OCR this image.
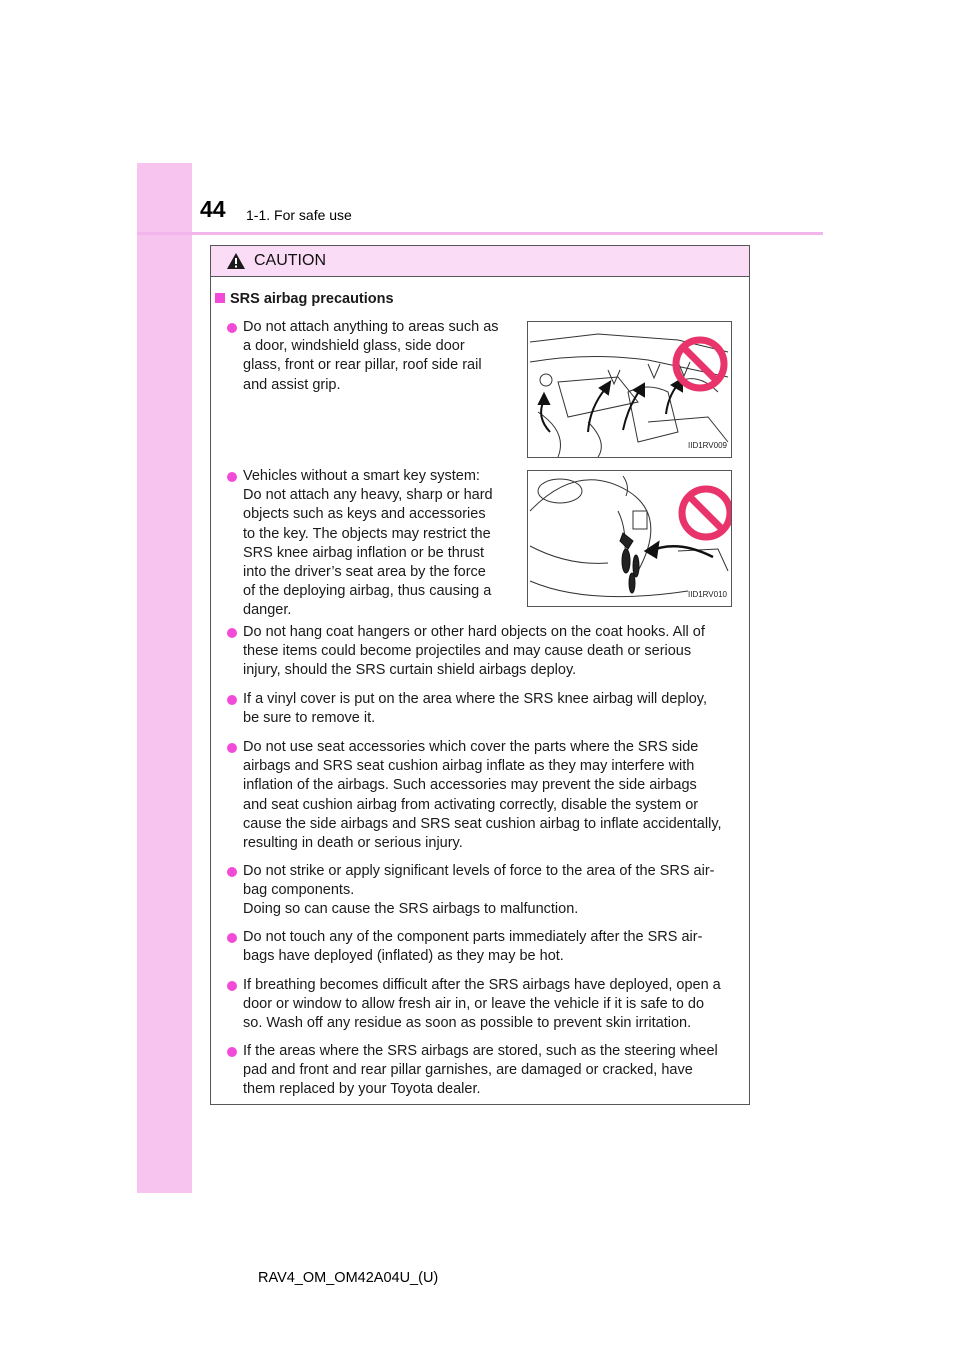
44 1-1. For safe use
CAUTION
SRS airbag precautions
Do not attach anything to areas such as
a door, windshield glass, side door
glass, front or rear pillar, roof side rail
and assist grip.
IID1RV009
Vehicles without a smart key system:
Do not attach any heavy, sharp or hard
objects such as keys and accessories
to the key. The objects may restrict the
SRS knee airbag inflation or be thrust
into the driver’s seat area by the force
of the deploying airbag, thus causing a
danger.
IID1RV010
Do not hang coat hangers or other hard objects on the coat hooks. All of
these items could become projectiles and may cause death or serious
injury, should the SRS curtain shield airbags deploy.
If a vinyl cover is put on the area where the SRS knee airbag will deploy,
be sure to remove it.
Do not use seat accessories which cover the parts where the SRS side
airbags and SRS seat cushion airbag inflate as they may interfere with
inflation of the airbags. Such accessories may prevent the side airbags
and seat cushion airbag from activating correctly, disable the system or
cause the side airbags and SRS seat cushion airbag to inflate accidentally,
resulting in death or serious injury.
Do not strike or apply significant levels of force to the area of the SRS air-
bag components.
Doing so can cause the SRS airbags to malfunction.
Do not touch any of the component parts immediately after the SRS air-
bags have deployed (inflated) as they may be hot.
If breathing becomes difficult after the SRS airbags have deployed, open a
door or window to allow fresh air in, or leave the vehicle if it is safe to do
so. Wash off any residue as soon as possible to prevent skin irritation.
If the areas where the SRS airbags are stored, such as the steering wheel
pad and front and rear pillar garnishes, are damaged or cracked, have
them replaced by your Toyota dealer.
RAV4_OM_OM42A04U_(U)
